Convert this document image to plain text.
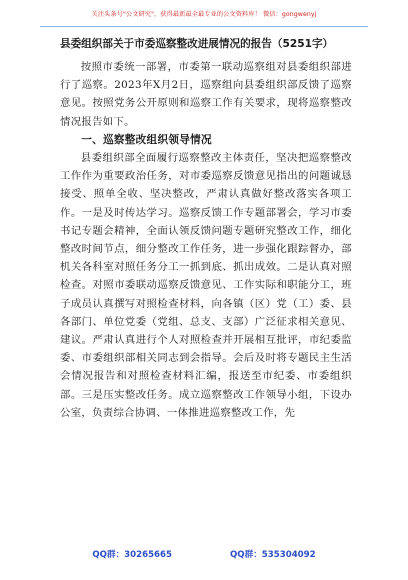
关注头条号"公文研究"，获得最新最全最专业的公文资料库！ 微信：gongwenyj
县委组织部关于市委巡察整改进展情况的报告（5251字）

按照市委统一部署，市委第一联动巡察组对县委组织部进行了巡察。2023年X月2日，巡察组向县委组织部反馈了巡察意见。按照党务公开原则和巡察工作有关要求，现将巡察整改情况报告如下。

一、巡察整改组织领导情况

县委组织部全面履行巡察整改主体责任，坚决把巡察整改工作作为重要政治任务，对市委巡察反馈意见指出的问题诚恳接受、照单全收、坚决整改，严肃认真做好整改落实各项工作。一是及时传达学习。巡察反馈工作专题部署会，学习市委书记专题会精神，全面认领反馈问题专题研究整改工作，细化整改时间节点，细分整改工作任务，进一步强化跟踪督办，部机关各科室对照任务分工一抓到底、抓出成效。二是认真对照检查。对照市委联动巡察反馈意见、工作实际和职能分工，班子成员认真撰写对照检查材料，向各镇（区）党（工）委、县各部门、单位党委（党组、总支、支部）广泛征求相关意见、建议。严肃认真进行个人对照检查并开展相互批评，市纪委监委、市委组织部相关同志到会指导。会后及时将专题民主生活会情况报告和对照检查材料汇编，报送至市纪委、市委组织部。三是压实整改任务。成立巡察整改工作领导小组，下设办公室，负责综合协调、一体推进巡察整改工作，先

QQ群：30265665	QQ群：535304092
